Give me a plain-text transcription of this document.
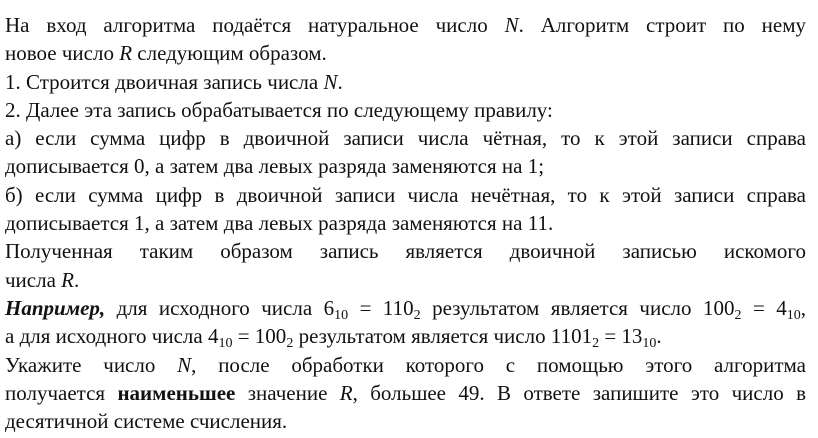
На вход алгоритма подаётся натуральное число N. Алгоритм строит по нему
новое число R следующим образом.
1. Строится двоичная запись числа N.
2. Далее эта запись обрабатывается по следующему правилу:
а) если сумма цифр в двоичной записи числа чётная, то к этой записи справа
дописывается 0, а затем два левых разряда заменяются на 1;
б) если сумма цифр в двоичной записи числа нечётная, то к этой записи справа
дописывается 1, а затем два левых разряда заменяются на 11.
Полученная таким образом запись является двоичной записью искомого
числа R.
Например, для исходного числа $6_{10} = 110_2$ результатом является число $100_2 = 4_{10}$,
а для исходного числа $4_{10} = 100_2$ результатом является число $1101_2 = 13_{10}$.
Укажите число N, после обработки которого с помощью этого алгоритма
получается наименьшее значение R, большее 49. В ответе запишите это число в
десятичной системе счисления.
